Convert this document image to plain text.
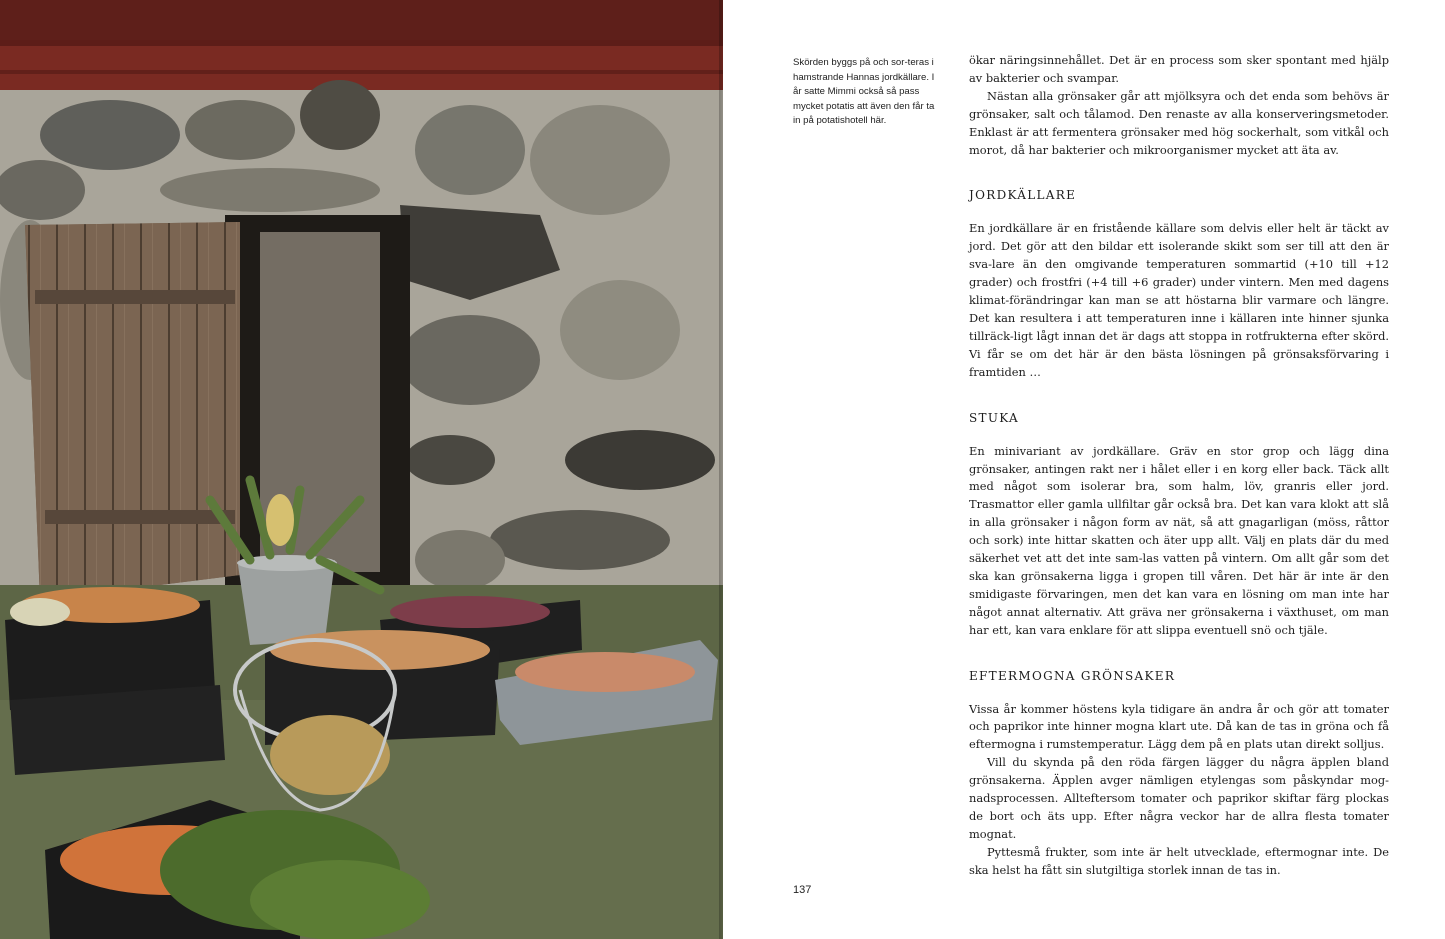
Skörden byggs på och sor-teras i hamstrande Hannas jordkällare. I år satte Mimmi också så pass mycket potatis att även den får ta in på potatishotell här.

ökar näringsinnehållet. Det är en process som sker spontant med hjälp av bakterier och svampar.

Nästan alla grönsaker går att mjölksyra och det enda som behövs är grönsaker, salt och tålamod. Den renaste av alla konserveringsmetoder. Enklast är att fermentera grönsaker med hög sockerhalt, som vitkål och morot, då har bakterier och mikroorganismer mycket att äta av.

JORDKÄLLARE

En jordkällare är en fristående källare som delvis eller helt är täckt av jord. Det gör att den bildar ett isolerande skikt som ser till att den är sva-lare än den omgivande temperaturen sommartid (+10 till +12 grader) och frostfri (+4 till +6 grader) under vintern. Men med dagens klimat-förändringar kan man se att höstarna blir varmare och längre. Det kan resultera i att temperaturen inne i källaren inte hinner sjunka tillräck-ligt lågt innan det är dags att stoppa in rotfrukterna efter skörd. Vi får se om det här är den bästa lösningen på grönsaksförvaring i framtiden …

STUKA

En minivariant av jordkällare. Gräv en stor grop och lägg dina grönsaker, antingen rakt ner i hålet eller i en korg eller back. Täck allt med något som isolerar bra, som halm, löv, granris eller jord. Trasmattor eller gamla ullfiltar går också bra. Det kan vara klokt att slå in alla grönsaker i någon form av nät, så att gnagarligan (möss, råttor och sork) inte hittar skatten och äter upp allt. Välj en plats där du med säkerhet vet att det inte sam-las vatten på vintern. Om allt går som det ska kan grönsakerna ligga i gropen till våren. Det här är inte är den smidigaste förvaringen, men det kan vara en lösning om man inte har något annat alternativ. Att gräva ner grönsakerna i växthuset, om man har ett, kan vara enklare för att slippa eventuell snö och tjäle.

EFTERMOGNA GRÖNSAKER

Vissa år kommer höstens kyla tidigare än andra år och gör att tomater och paprikor inte hinner mogna klart ute. Då kan de tas in gröna och få eftermogna i rumstemperatur. Lägg dem på en plats utan direkt solljus.

Vill du skynda på den röda färgen lägger du några äpplen bland grönsakerna. Äpplen avger nämligen etylengas som påskyndar mog-nadsprocessen. Allteftersom tomater och paprikor skiftar färg plockas de bort och äts upp. Efter några veckor har de allra flesta tomater mognat.

Pyttesmå frukter, som inte är helt utvecklade, eftermognar inte. De ska helst ha fått sin slutgiltiga storlek innan de tas in.

137
